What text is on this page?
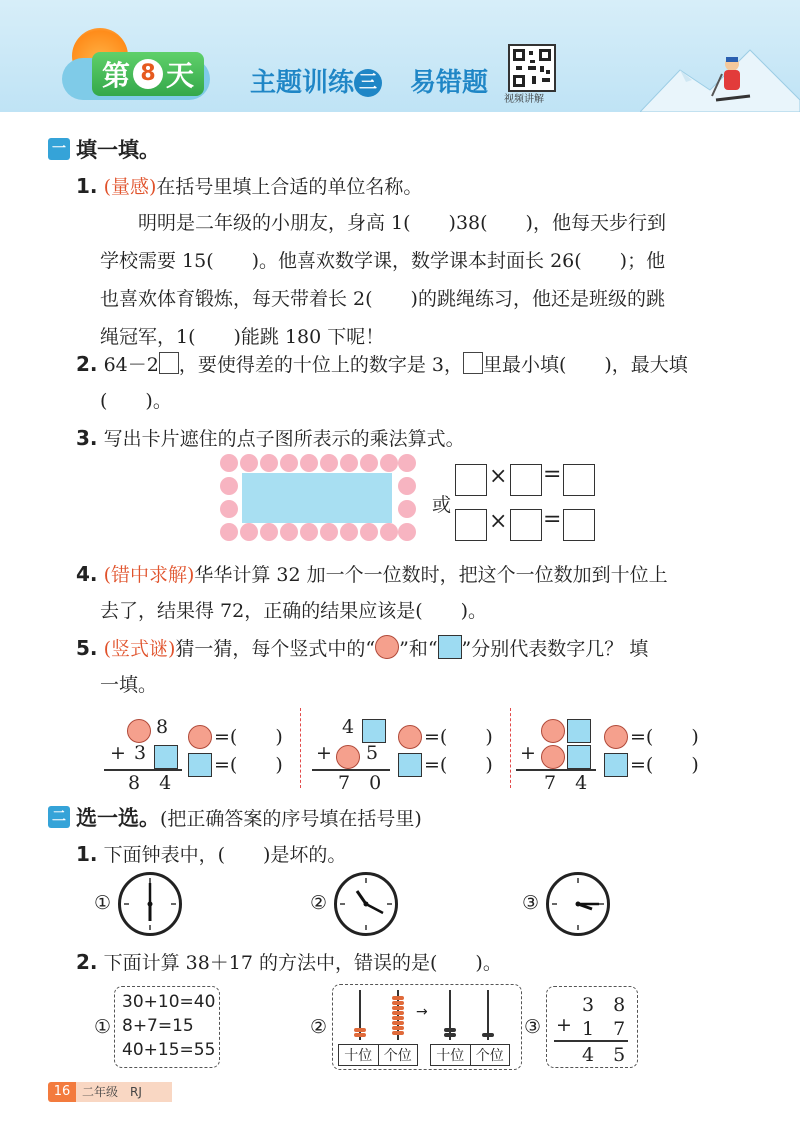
第 8 天 主题训练 三 易错题
视频讲解
一 填一填。
1. (量感)在括号里填上合适的单位名称。
　　明明是二年级的小朋友，身高 1(　　)38(　　)，他每天步行到
学校需要 15(　　)。他喜欢数学课，数学课本封面长 26(　　)；他
也喜欢体育锻炼，每天带着长 2(　　)的跳绳练习，他还是班级的跳
绳冠军，1(　　)能跳 180 下呢！
2. 64－2 ，要使得差的十位上的数字是 3， 里最小填(　　)，最大填
(　　)。
3. 写出卡片遮住的点子图所表示的乘法算式。
或
× =
× =
4. (错中求解)华华计算 32 加一个一位数时，把这个一位数加到十位上
去了，结果得 72，正确的结果应该是(　　)。
5. (竖式谜)猜一猜，每个竖式中的“ ”和“ ”分别代表数字几？ 填
一填。
8
+ 3
8　4
=(　　)
=(　　)
4
+ 5
7　0
=(　　)
=(　　)
+
7　4
=(　　)
=(　　)
二 选一选。(把正确答案的序号填在括号里)
1. 下面钟表中，(　　)是坏的。
①	②	③
2. 下面计算 38＋17 的方法中，错误的是(　　)。
①
30+10=40
8+7=15
40+15=55
②
→
十位 个位	十位 个位
③
3　8
+ 1　7
4　5
16 二年级　RJ
